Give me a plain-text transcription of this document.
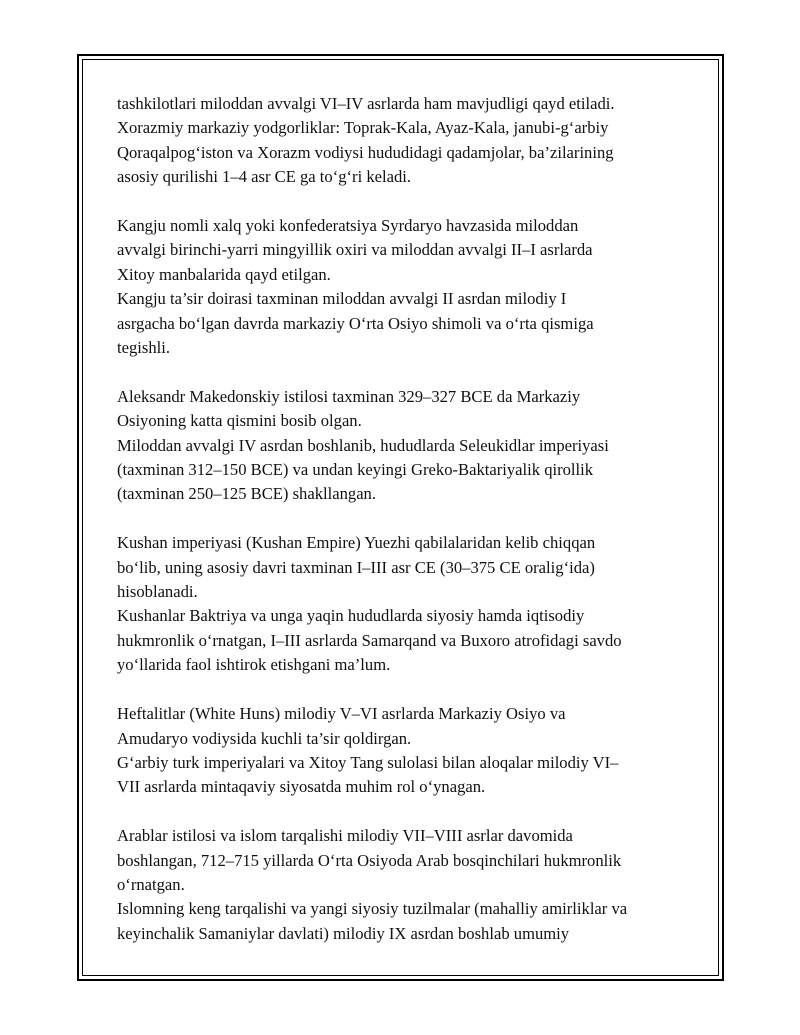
tashkilotlari miloddan avvalgi VI–IV asrlarda ham mavjudligi qayd etiladi.
Xorazmiy markaziy yodgorliklar: Toprak-Kala, Ayaz-Kala, janubi-g‘arbiy
Qoraqalpog‘iston va Xorazm vodiysi hududidagi qadamjolar, ba’zilarining
asosiy qurilishi 1–4 asr CE ga to‘g‘ri keladi.

Kangju nomli xalq yoki konfederatsiya Syrdaryo havzasida miloddan
avvalgi birinchi-yarri mingyillik oxiri va miloddan avvalgi II–I asrlarda
Xitoy manbalarida qayd etilgan.
Kangju ta’sir doirasi taxminan miloddan avvalgi II asrdan milodiy I
asrgacha bo‘lgan davrda markaziy O‘rta Osiyo shimoli va o‘rta qismiga
tegishli.

Aleksandr Makedonskiy istilosi taxminan 329–327 BCE da Markaziy
Osiyoning katta qismini bosib olgan.
Miloddan avvalgi IV asrdan boshlanib, hududlarda Seleukidlar imperiyasi
(taxminan 312–150 BCE) va undan keyingi Greko-Baktariyalik qirollik
(taxminan 250–125 BCE) shakllangan.

Kushan imperiyasi (Kushan Empire) Yuezhi qabilalaridan kelib chiqqan
bo‘lib, uning asosiy davri taxminan I–III asr CE (30–375 CE oralig‘ida)
hisoblanadi.
Kushanlar Baktriya va unga yaqin hududlarda siyosiy hamda iqtisodiy
hukmronlik o‘rnatgan, I–III asrlarda Samarqand va Buxoro atrofidagi savdo
yo‘llarida faol ishtirok etishgani ma’lum.

Heftalitlar (White Huns) milodiy V–VI asrlarda Markaziy Osiyo va
Amudaryo vodiysida kuchli ta’sir qoldirgan.
G‘arbiy turk imperiyalari va Xitoy Tang sulolasi bilan aloqalar milodiy VI–
VII asrlarda mintaqaviy siyosatda muhim rol o‘ynagan.

Arablar istilosi va islom tarqalishi milodiy VII–VIII asrlar davomida
boshlangan, 712–715 yillarda O‘rta Osiyoda Arab bosqinchilari hukmronlik
o‘rnatgan.
Islomning keng tarqalishi va yangi siyosiy tuzilmalar (mahalliy amirliklar va
keyinchalik Samaniylar davlati) milodiy IX asrdan boshlab umumiy
